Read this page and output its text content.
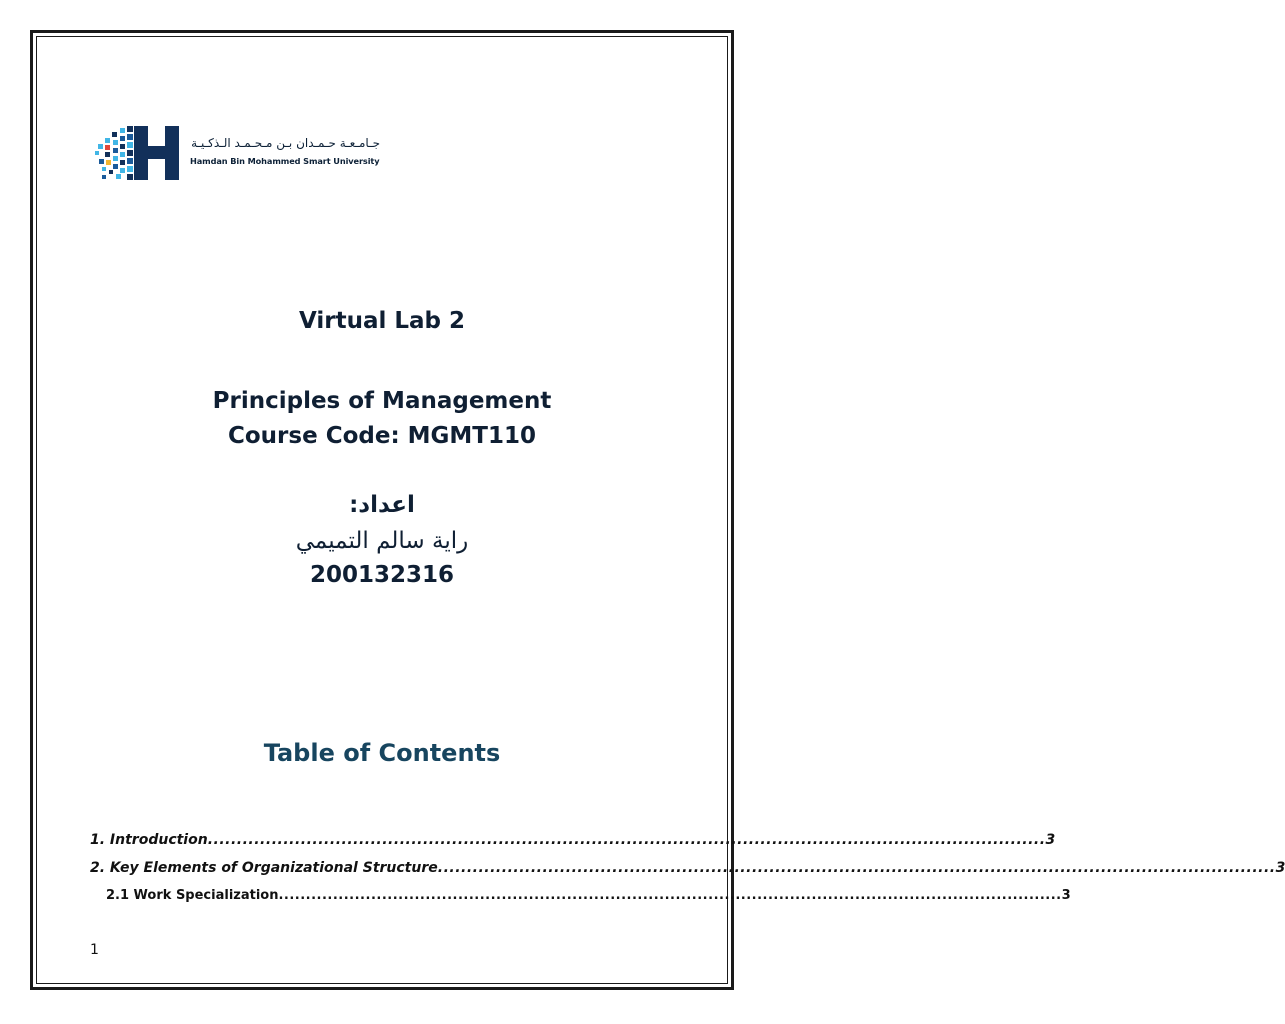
جـامـعـة حـمـدان بـن مـحـمـد الـذكـيـة
Hamdan Bin Mohammed Smart University
Virtual Lab 2
Principles of Management
Course Code: MGMT110
اعداد:
راية سالم التميمي
200132316
Table of Contents
1. Introduction ................................................................................................................................................ 3
2. Key Elements of Organizational Structure ................................................................................................................................................ 3
2.1 Work Specialization ................................................................................................................................................ 3
1
